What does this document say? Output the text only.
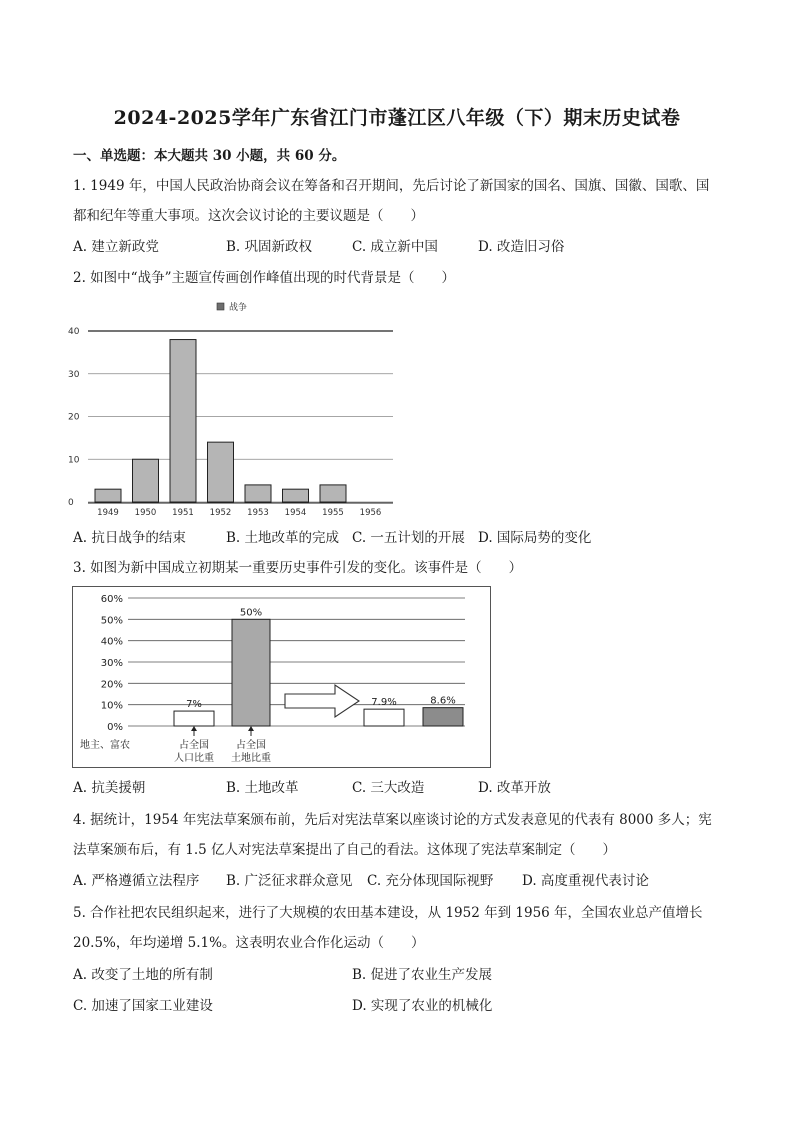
2024-2025学年广东省江门市蓬江区八年级（下）期末历史试卷
一、单选题：本大题共 30 小题，共 60 分。
1. 1949 年，中国人民政治协商会议在筹备和召开期间，先后讨论了新国家的国名、国旗、国徽、国歌、国
都和纪年等重大事项。这次会议讨论的主要议题是（　　）
A. 建立新政党	B. 巩固新政权	C. 成立新中国	D. 改造旧习俗
2. 如图中“战争”主题宣传画创作峰值出现的时代背景是（　　）
战争
0
10
20
30
40
1949 1950 1951 1952 1953 1954 1955 1956
A. 抗日战争的结束	B. 土地改革的完成 C. 一五计划的开展 D. 国际局势的变化
3. 如图为新中国成立初期某一重要历史事件引发的变化。该事件是（　　）
0%
10%
20%
30%
40%
50%
60%
7%
占全国
人口比重
50%
占全国
土地比重
7.9%	8.6%
地主、富农
A. 抗美援朝	B. 土地改革	C. 三大改造	D. 改革开放
4. 据统计，1954 年宪法草案颁布前，先后对宪法草案以座谈讨论的方式发表意见的代表有 8000 多人；宪
法草案颁布后，有 1.5 亿人对宪法草案提出了自己的看法。这体现了宪法草案制定（　　）
A. 严格遵循立法程序 B. 广泛征求群众意见 C. 充分体现国际视野 D. 高度重视代表讨论
5. 合作社把农民组织起来，进行了大规模的农田基本建设，从 1952 年到 1956 年，全国农业总产值增长
20.5%，年均递增 5.1%。这表明农业合作化运动（　　）
A. 改变了土地的所有制	B. 促进了农业生产发展
C. 加速了国家工业建设	D. 实现了农业的机械化
